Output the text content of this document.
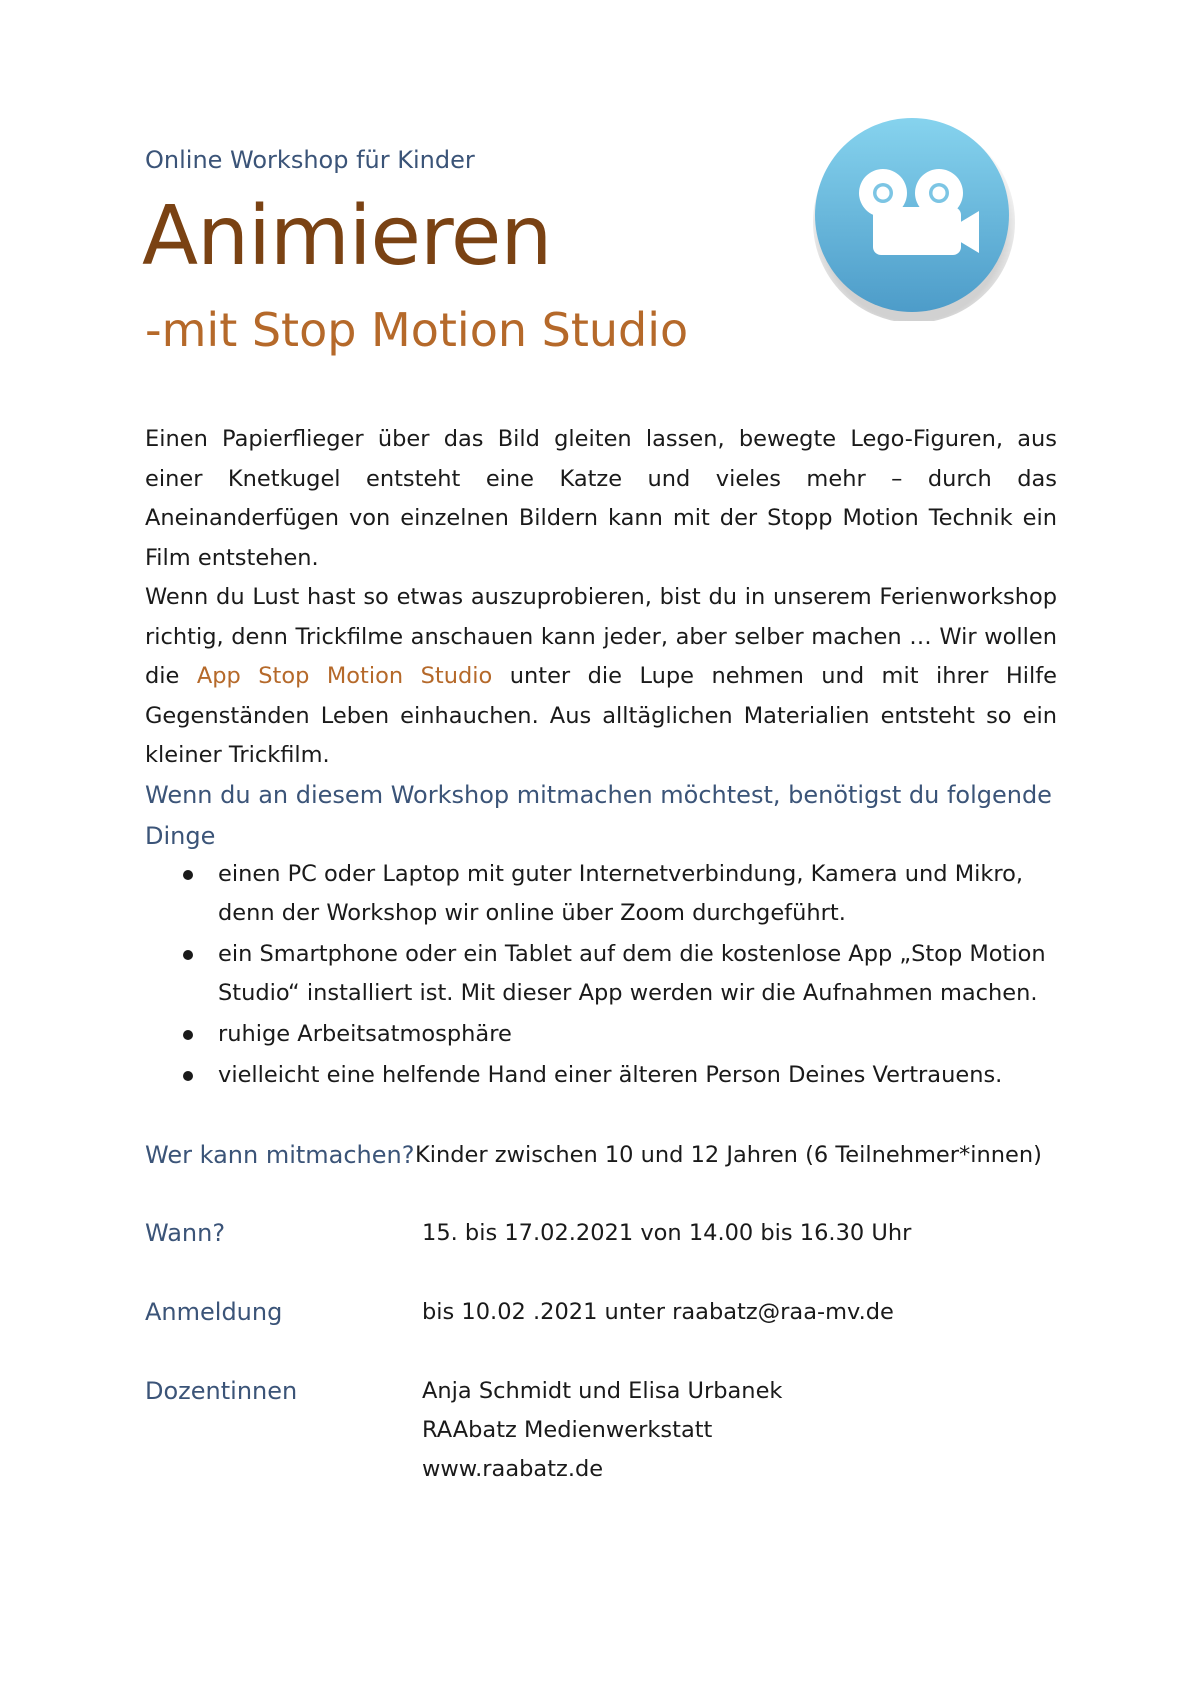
Online Workshop für Kinder
Animieren
-mit Stop Motion Studio

Einen Papierflieger über das Bild gleiten lassen, bewegte Lego-Figuren, aus einer Knetkugel entsteht eine Katze und vieles mehr – durch das Aneinanderfügen von einzelnen Bildern kann mit der Stopp Motion Technik ein Film entstehen.

Wenn du Lust hast so etwas auszuprobieren, bist du in unserem Ferienworkshop richtig, denn Trickfilme anschauen kann jeder, aber selber machen … Wir wollen die App Stop Motion Studio unter die Lupe nehmen und mit ihrer Hilfe Gegenständen Leben einhauchen. Aus alltäglichen Materialien entsteht so ein kleiner Trickfilm.

Wenn du an diesem Workshop mitmachen möchtest, benötigst du folgende Dinge
einen PC oder Laptop mit guter Internetverbindung, Kamera und Mikro, denn der Workshop wir online über Zoom durchgeführt.
ein Smartphone oder ein Tablet auf dem die kostenlose App „Stop Motion Studio“ installiert ist. Mit dieser App werden wir die Aufnahmen machen.
ruhige Arbeitsatmosphäre
vielleicht eine helfende Hand einer älteren Person Deines Vertrauens.
Wer kann mitmachen? Kinder zwischen 10 und 12 Jahren (6 Teilnehmer*innen)
Wann?	15. bis 17.02.2021 von 14.00 bis 16.30 Uhr
Anmeldung	bis 10.02 .2021 unter raabatz@raa-mv.de
Dozentinnen	Anja Schmidt und Elisa Urbanek
RAAbatz Medienwerkstatt
www.raabatz.de
